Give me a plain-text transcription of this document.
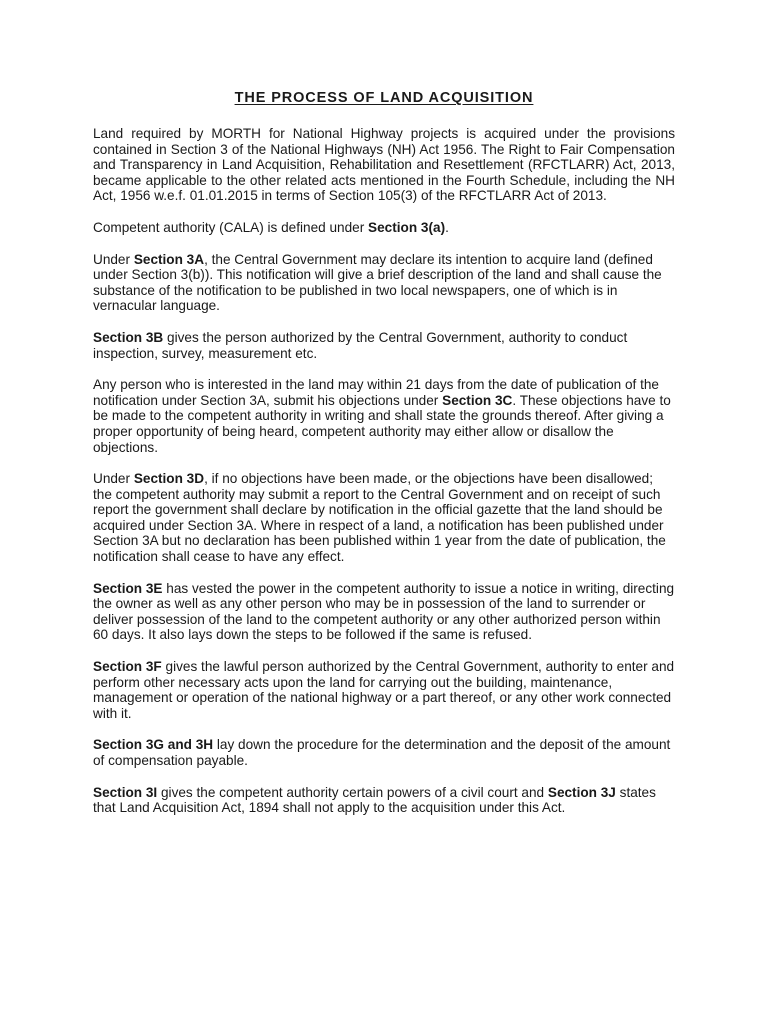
THE PROCESS OF LAND ACQUISITION

Land required by MORTH for National Highway projects is acquired under the provisions contained in Section 3 of the National Highways (NH) Act 1956. The Right to Fair Compensation and Transparency in Land Acquisition, Rehabilitation and Resettlement (RFCTLARR) Act, 2013, became applicable to the other related acts mentioned in the Fourth Schedule, including the NH Act, 1956 w.e.f. 01.01.2015 in terms of Section 105(3) of the RFCTLARR Act of 2013.

Competent authority (CALA) is defined under Section 3(a).

Under Section 3A, the Central Government may declare its intention to acquire land (defined under Section 3(b)). This notification will give a brief description of the land and shall cause the substance of the notification to be published in two local newspapers, one of which is in vernacular language.

Section 3B gives the person authorized by the Central Government, authority to conduct inspection, survey, measurement etc.

Any person who is interested in the land may within 21 days from the date of publication of the notification under Section 3A, submit his objections under Section 3C. These objections have to be made to the competent authority in writing and shall state the grounds thereof. After giving a proper opportunity of being heard, competent authority may either allow or disallow the objections.

Under Section 3D, if no objections have been made, or the objections have been disallowed; the competent authority may submit a report to the Central Government and on receipt of such report the government shall declare by notification in the official gazette that the land should be acquired under Section 3A. Where in respect of a land, a notification has been published under Section 3A but no declaration has been published within 1 year from the date of publication, the notification shall cease to have any effect.

Section 3E has vested the power in the competent authority to issue a notice in writing, directing the owner as well as any other person who may be in possession of the land to surrender or deliver possession of the land to the competent authority or any other authorized person within 60 days. It also lays down the steps to be followed if the same is refused.

Section 3F gives the lawful person authorized by the Central Government, authority to enter and perform other necessary acts upon the land for carrying out the building, maintenance, management or operation of the national highway or a part thereof, or any other work connected with it.

Section 3G and 3H lay down the procedure for the determination and the deposit of the amount of compensation payable.

Section 3I gives the competent authority certain powers of a civil court and Section 3J states that Land Acquisition Act, 1894 shall not apply to the acquisition under this Act.
